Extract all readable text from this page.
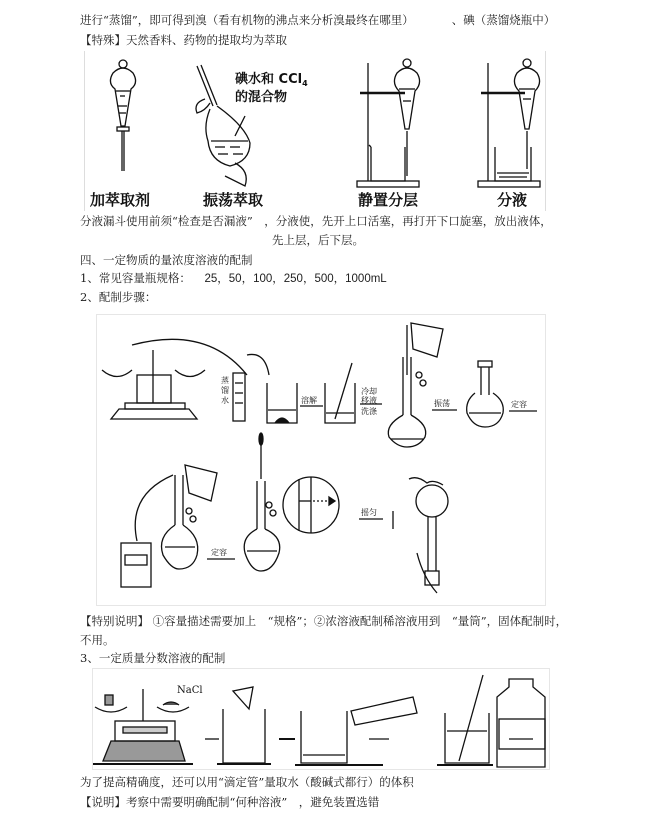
进行“蒸馏”，即可得到溴（看有机物的沸点来分析溴最终在哪里）	、碘（蒸馏烧瓶中）
【特殊】天然香料、药物的提取均为萃取
碘水和 CCl$_4$
的混合物
加萃取剂	振荡萃取	静置分层	分液
分液漏斗使用前须“检查是否漏液”　，分液使，先开上口活塞，再打开下口旋塞，放出液体，
先上层，后下层。
四、一定物质的量浓度溶液的配制
1、常见容量瓶规格： 25，50，100，250，500，1000mL
2、配制步骤：
蒸
馏
水	溶解
冷却
移液
洗涤
振荡	定容
定容
摇匀
【特别说明】 ①容量描述需要加上　“规格”；②浓溶液配制稀溶液用到　“量筒”，固体配制时，
不用。
3、一定质量分数溶液的配制
NaCl
为了提高精确度，还可以用“滴定管”量取水（酸碱式都行）的体积
【说明】考察中需要明确配制“何种溶液”　，避免装置选错
